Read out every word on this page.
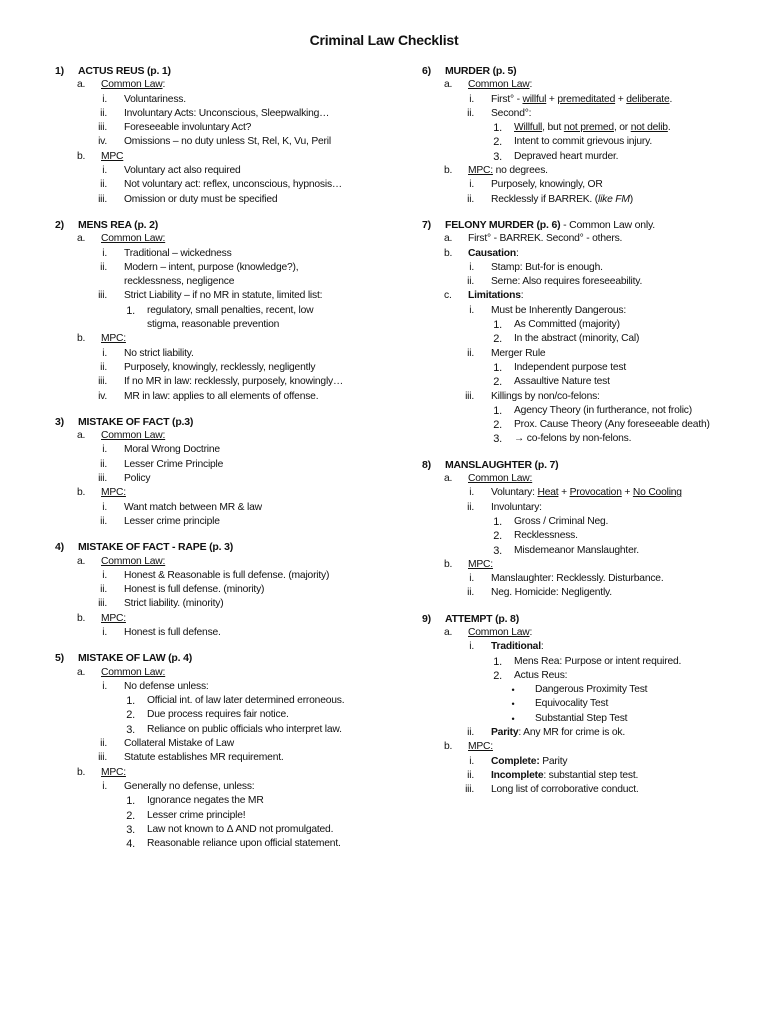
Criminal Law Checklist
1) ACTUS REUS (p. 1)
a. Common Law:
i. Voluntariness.
ii. Involuntary Acts: Unconscious, Sleepwalking…
iii. Foreseeable involuntary Act?
iv. Omissions – no duty unless St, Rel, K, Vu, Peril
b. MPC
i. Voluntary act also required
ii. Not voluntary act: reflex, unconscious, hypnosis…
iii. Omission or duty must be specified
2) MENS REA (p. 2)
a. Common Law:
i. Traditional – wickedness
ii. Modern – intent, purpose (knowledge?),
recklessness, negligence
iii. Strict Liability – if no MR in statute, limited list:
1. regulatory, small penalties, recent, low
stigma, reasonable prevention
b. MPC:
i. No strict liability.
ii. Purposely, knowingly, recklessly, negligently
iii. If no MR in law: recklessly, purposely, knowingly…
iv. MR in law: applies to all elements of offense.
3) MISTAKE OF FACT (p.3)
a. Common Law:
i. Moral Wrong Doctrine
ii. Lesser Crime Principle
iii. Policy
b. MPC:
i. Want match between MR & law
ii. Lesser crime principle
4) MISTAKE OF FACT - RAPE (p. 3)
a. Common Law:
i. Honest & Reasonable is full defense. (majority)
ii. Honest is full defense. (minority)
iii. Strict liability. (minority)
b. MPC:
i. Honest is full defense.
5) MISTAKE OF LAW (p. 4)
a. Common Law:
i. No defense unless:
1. Official int. of law later determined erroneous.
2. Due process requires fair notice.
3. Reliance on public officials who interpret law.
ii. Collateral Mistake of Law
iii. Statute establishes MR requirement.
b. MPC:
i. Generally no defense, unless:
1. Ignorance negates the MR
2. Lesser crime principle!
3. Law not known to Δ AND not promulgated.
4. Reasonable reliance upon official statement.
6) MURDER (p. 5)
a. Common Law:
i. First° - willful + premeditated + deliberate.
ii. Second°:
1. Willfull, but not premed, or not delib.
2. Intent to commit grievous injury.
3. Depraved heart murder.
b. MPC: no degrees.
i. Purposely, knowingly, OR
ii. Recklessly if BARREK. (like FM)
7) FELONY MURDER (p. 6) - Common Law only.
a. First° - BARREK. Second° - others.
b. Causation:
i. Stamp: But-for is enough.
ii. Serne: Also requires foreseeability.
c. Limitations:
i. Must be Inherently Dangerous:
1. As Committed (majority)
2. In the abstract (minority, Cal)
ii. Merger Rule
1. Independent purpose test
2. Assaultive Nature test
iii. Killings by non/co-felons:
1. Agency Theory (in furtherance, not frolic)
2. Prox. Cause Theory (Any foreseeable death)
3. → co-felons by non-felons.
8) MANSLAUGHTER (p. 7)
a. Common Law:
i. Voluntary: Heat + Provocation + No Cooling
ii. Involuntary:
1. Gross / Criminal Neg.
2. Recklessness.
3. Misdemeanor Manslaughter.
b. MPC:
i. Manslaughter: Recklessly. Disturbance.
ii. Neg. Homicide: Negligently.
9) ATTEMPT (p. 8)
a. Common Law:
i. Traditional:
1. Mens Rea: Purpose or intent required.
2. Actus Reus:
•	Dangerous Proximity Test
•	Equivocality Test
•	Substantial Step Test
ii. Parity: Any MR for crime is ok.
b. MPC:
i. Complete: Parity
ii. Incomplete: substantial step test.
iii. Long list of corroborative conduct.
